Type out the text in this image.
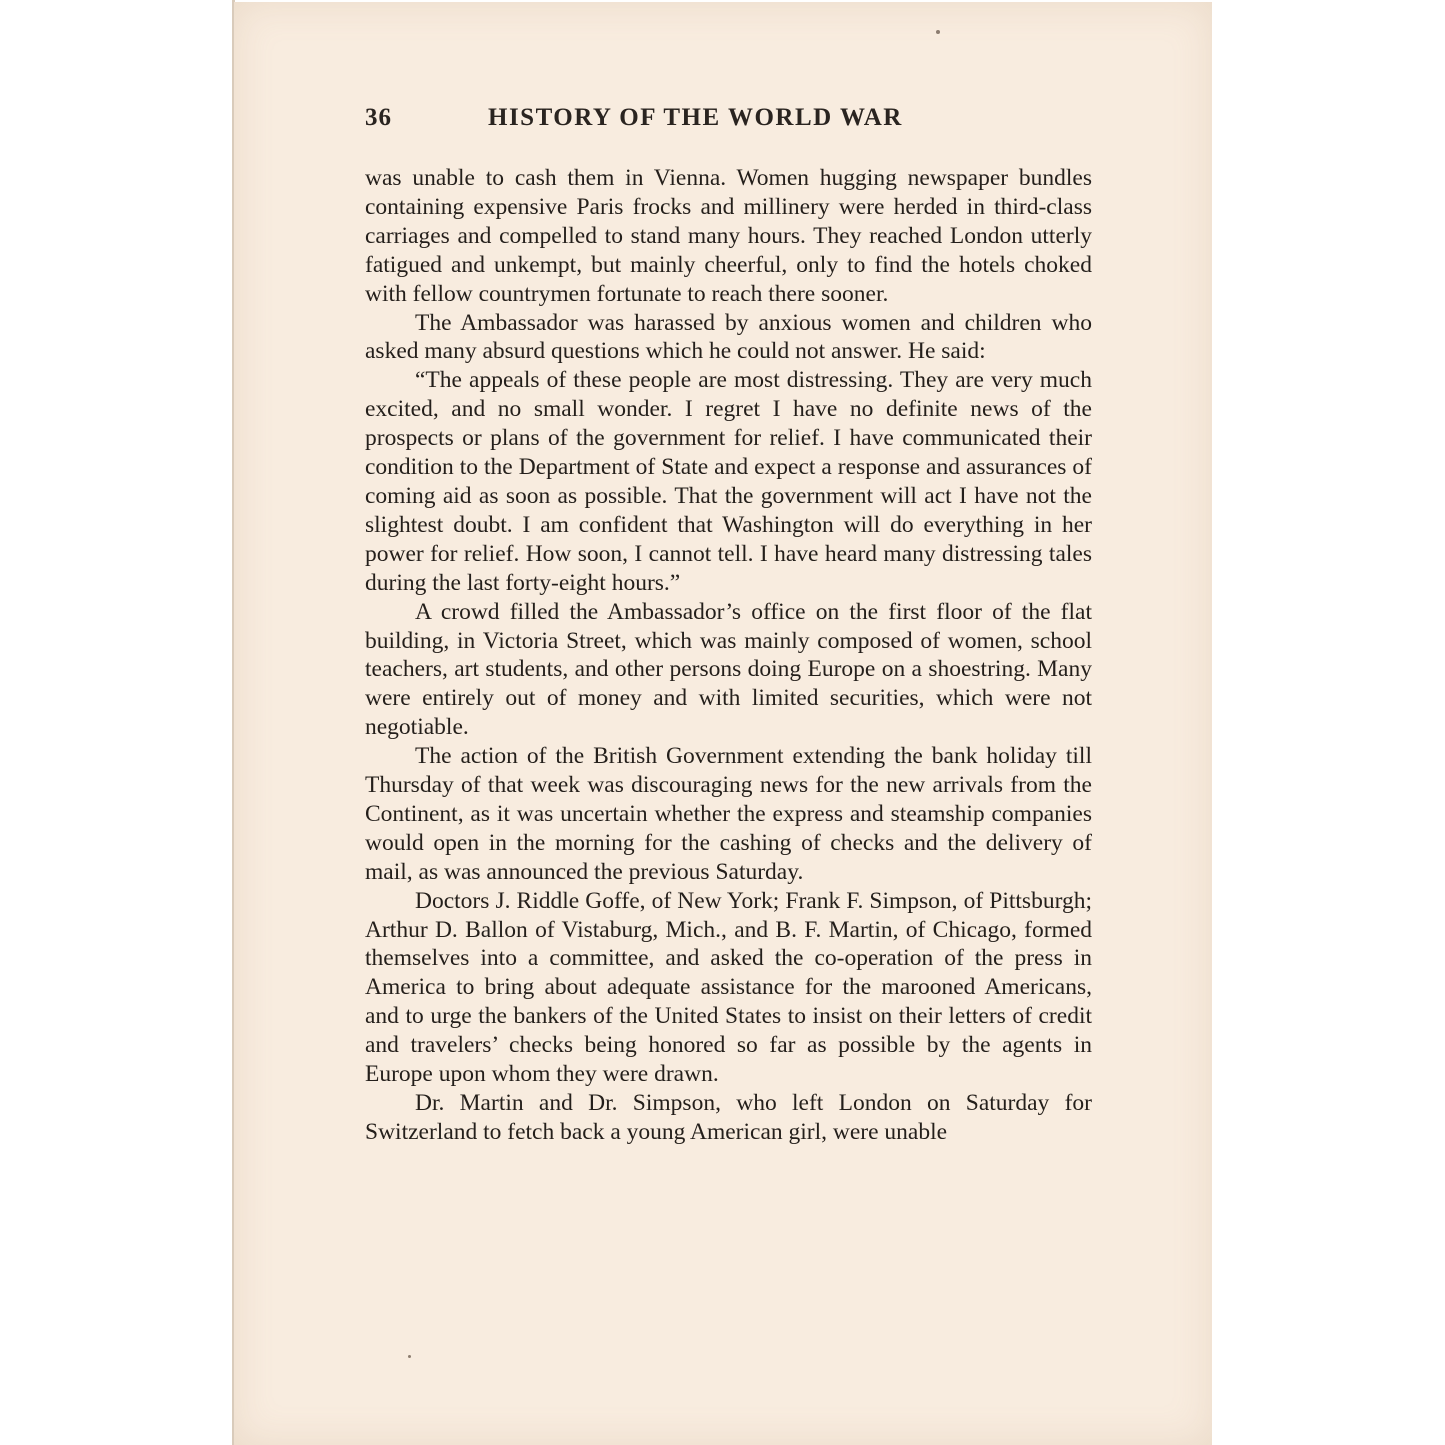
36	HISTORY OF THE WORLD WAR

was unable to cash them in Vienna. Women hugging newspaper bundles containing expensive Paris frocks and millinery were herded in third-class carriages and compelled to stand many hours. They reached London utterly fatigued and unkempt, but mainly cheerful, only to find the hotels choked with fellow countrymen fortunate to reach there sooner.

The Ambassador was harassed by anxious women and children who asked many absurd questions which he could not answer. He said:

“The appeals of these people are most distressing. They are very much excited, and no small wonder. I regret I have no definite news of the prospects or plans of the government for relief. I have communicated their condition to the Department of State and expect a response and assurances of coming aid as soon as possible. That the government will act I have not the slightest doubt. I am confident that Washington will do everything in her power for relief. How soon, I cannot tell. I have heard many distressing tales during the last forty-eight hours.”

A crowd filled the Ambassador’s office on the first floor of the flat building, in Victoria Street, which was mainly composed of women, school teachers, art students, and other persons doing Europe on a shoestring. Many were entirely out of money and with limited securities, which were not negotiable.

The action of the British Government extending the bank holiday till Thursday of that week was discouraging news for the new arrivals from the Continent, as it was uncertain whether the express and steamship companies would open in the morning for the cashing of checks and the delivery of mail, as was announced the previous Saturday.

Doctors J. Riddle Goffe, of New York; Frank F. Simpson, of Pittsburgh; Arthur D. Ballon of Vistaburg, Mich., and B. F. Martin, of Chicago, formed themselves into a committee, and asked the co-operation of the press in America to bring about adequate assistance for the marooned Americans, and to urge the bankers of the United States to insist on their letters of credit and travelers’ checks being honored so far as possible by the agents in Europe upon whom they were drawn.

Dr. Martin and Dr. Simpson, who left London on Saturday for Switzerland to fetch back a young American girl, were unable
